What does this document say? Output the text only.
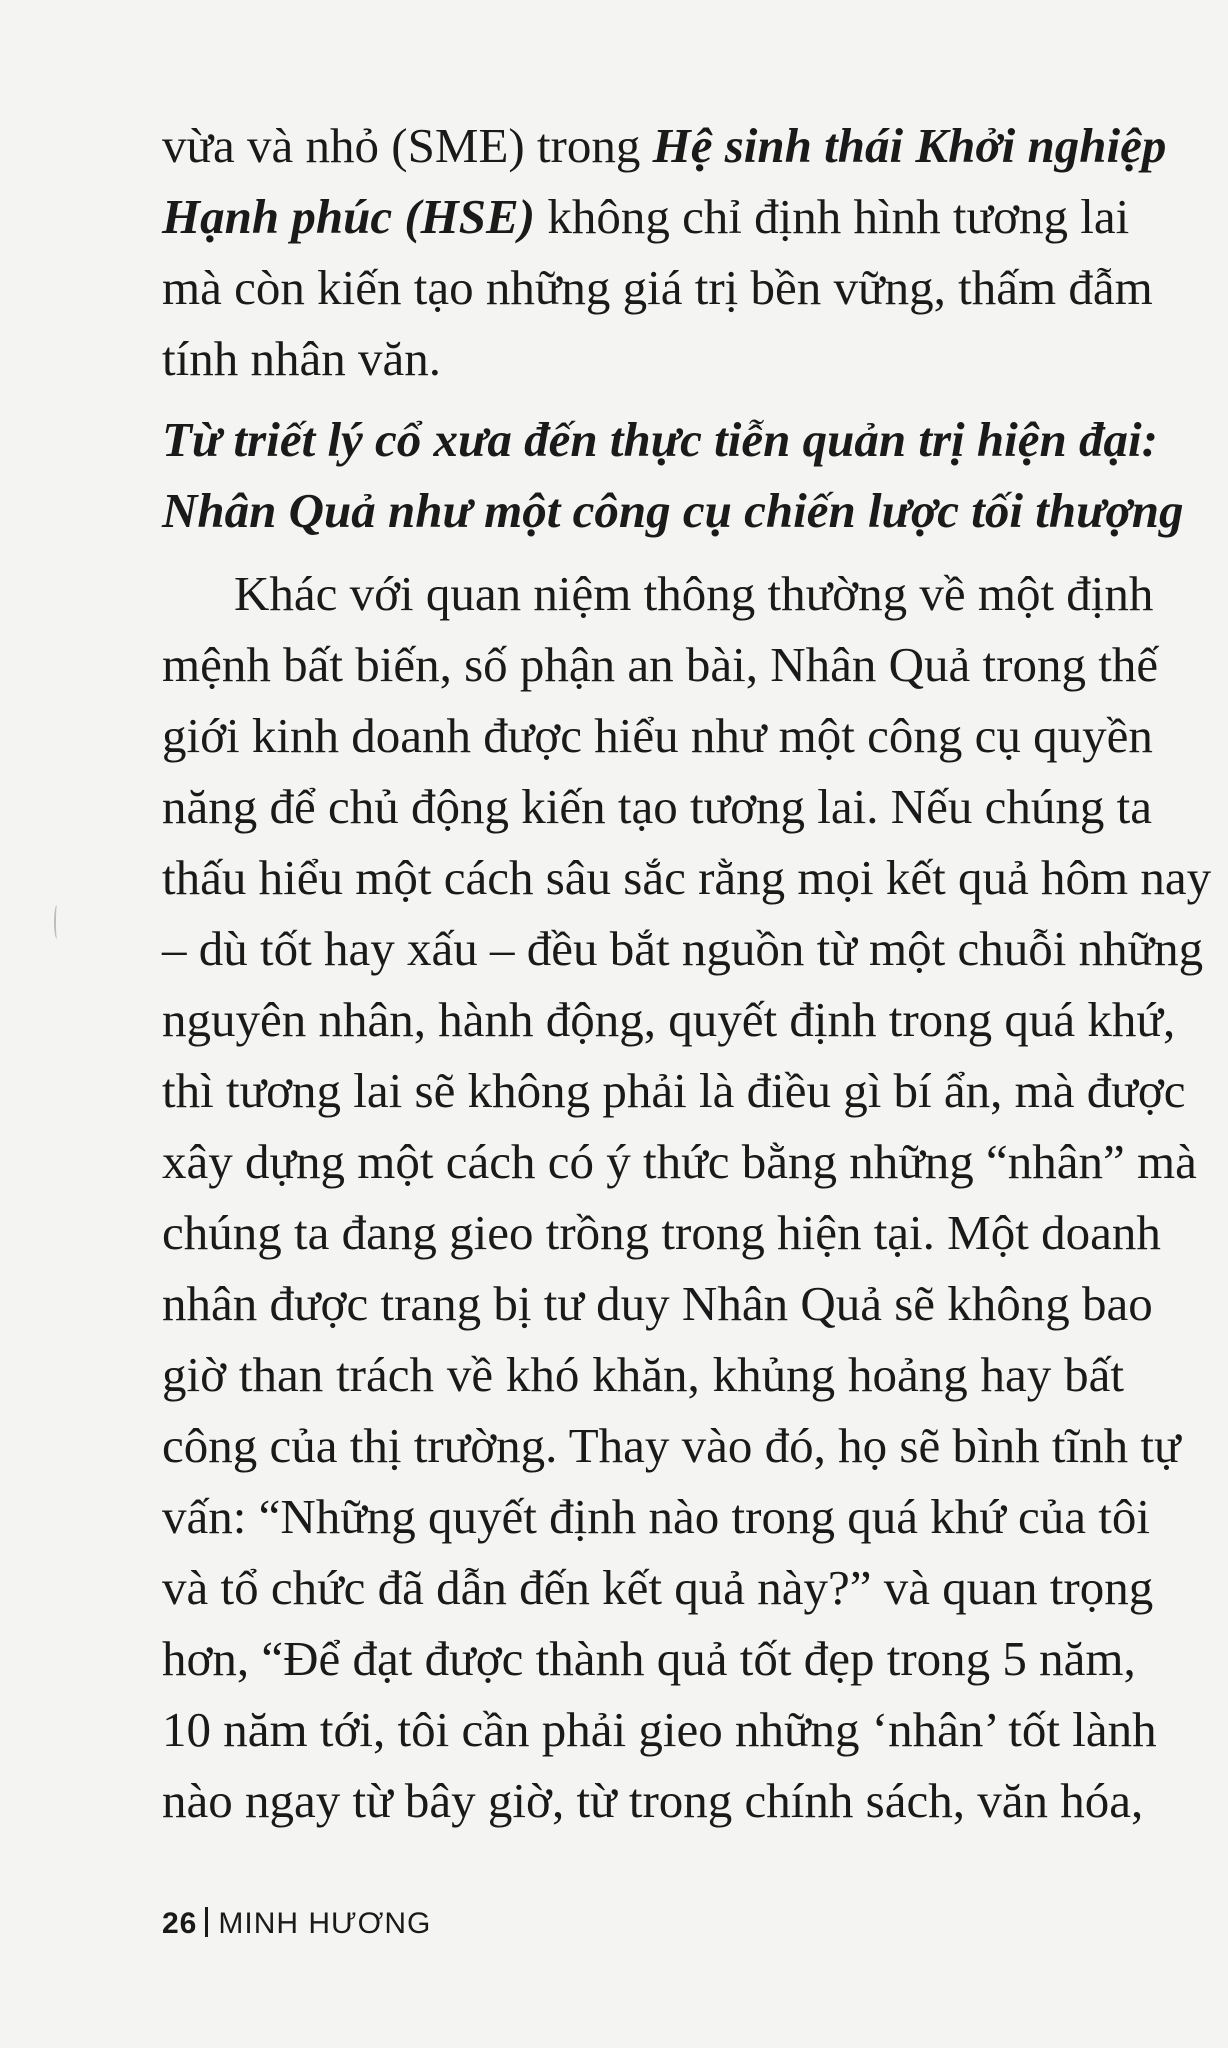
vừa và nhỏ (SME) trong Hệ sinh thái Khởi nghiệp
Hạnh phúc (HSE) không chỉ định hình tương lai
mà còn kiến tạo những giá trị bền vững, thấm đẫm
tính nhân văn.
Từ triết lý cổ xưa đến thực tiễn quản trị hiện đại:
Nhân Quả như một công cụ chiến lược tối thượng
Khác với quan niệm thông thường về một định
mệnh bất biến, số phận an bài, Nhân Quả trong thế
giới kinh doanh được hiểu như một công cụ quyền
năng để chủ động kiến tạo tương lai. Nếu chúng ta
thấu hiểu một cách sâu sắc rằng mọi kết quả hôm nay
– dù tốt hay xấu – đều bắt nguồn từ một chuỗi những
nguyên nhân, hành động, quyết định trong quá khứ,
thì tương lai sẽ không phải là điều gì bí ẩn, mà được
xây dựng một cách có ý thức bằng những “nhân” mà
chúng ta đang gieo trồng trong hiện tại. Một doanh
nhân được trang bị tư duy Nhân Quả sẽ không bao
giờ than trách về khó khăn, khủng hoảng hay bất
công của thị trường. Thay vào đó, họ sẽ bình tĩnh tự
vấn: “Những quyết định nào trong quá khứ của tôi
và tổ chức đã dẫn đến kết quả này?” và quan trọng
hơn, “Để đạt được thành quả tốt đẹp trong 5 năm,
10 năm tới, tôi cần phải gieo những ‘nhân’ tốt lành
nào ngay từ bây giờ, từ trong chính sách, văn hóa,
26 MINH HƯƠNG
